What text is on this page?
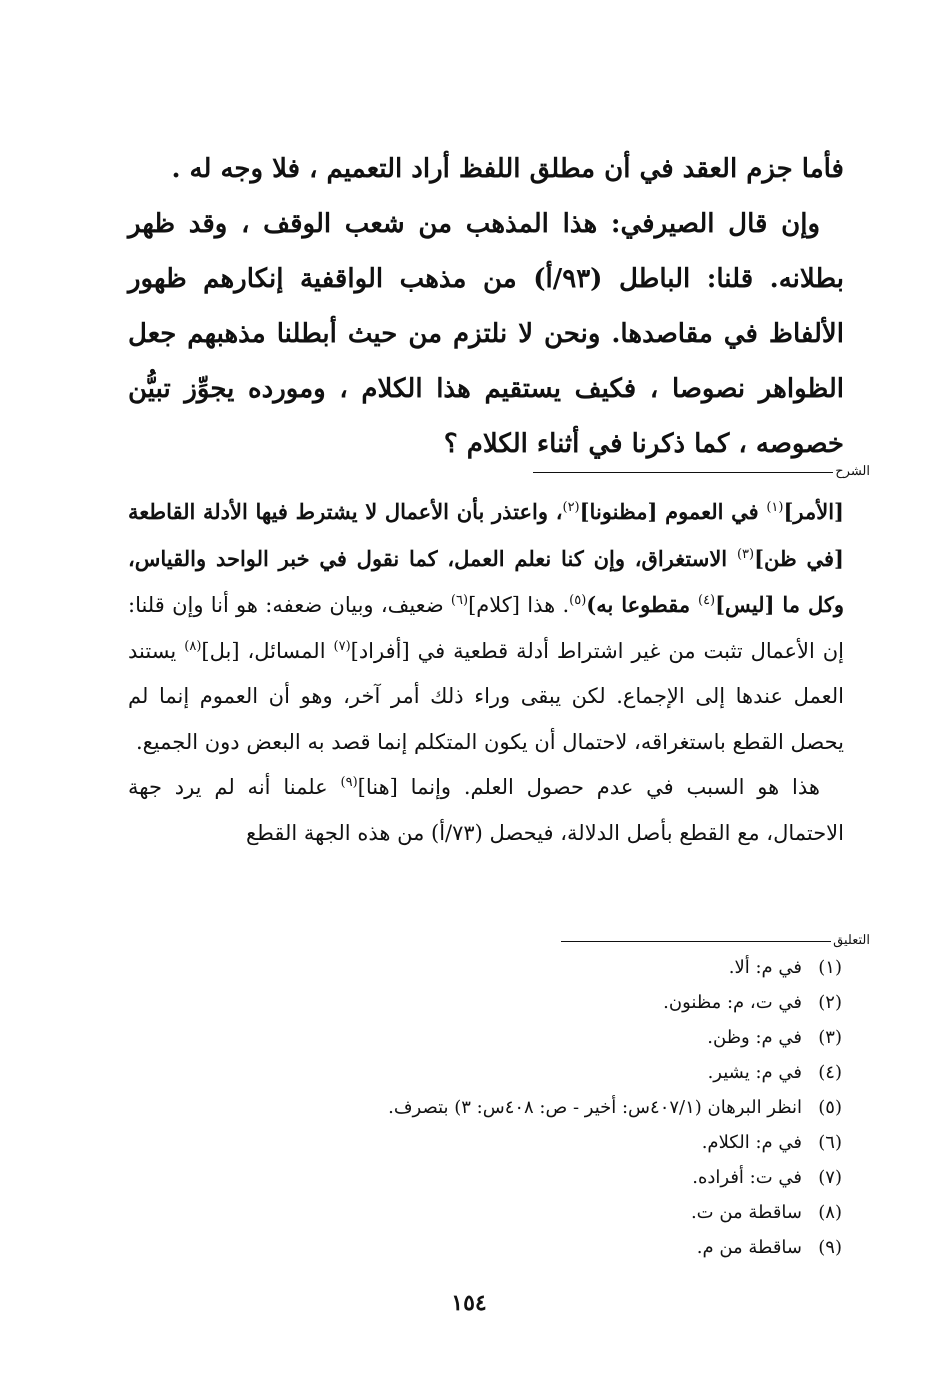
فأما جزم العقد في أن مطلق اللفظ أراد التعميم ، فلا وجه له .

وإن قال الصيرفي: هذا المذهب من شعب الوقف ، وقد ظهر بطلانه. قلنا: الباطل (٩٣/أ) من مذهب الواقفية إنكارهم ظهور الألفاظ في مقاصدها. ونحن لا نلتزم من حيث أبطلنا مذهبهم جعل الظواهر نصوصا ، فكيف يستقيم هذا الكلام ، ومورده يجوِّز تبيُّن خصوصه ، كما ذكرنا في أثناء الكلام ؟

الشرح

[الأمر]$^{(١)}$ في العموم [مظنونا]$^{(٢)}$، واعتذر بأن الأعمال لا يشترط فيها الأدلة القاطعة [في ظن]$^{(٣)}$ الاستغراق، وإن كنا نعلم العمل، كما نقول في خبر الواحد والقياس، وكل ما [ليس]$^{(٤)}$ مقطوعا به)$^{(٥)}$. هذا [كلام]$^{(٦)}$ ضعيف، وبيان ضعفه: هو أنا وإن قلنا: إن الأعمال تثبت من غير اشتراط أدلة قطعية في [أفراد]$^{(٧)}$ المسائل، [بل]$^{(٨)}$ يستند العمل عندها إلى الإجماع. لكن يبقى وراء ذلك أمر آخر، وهو أن العموم إنما لم يحصل القطع باستغراقه، لاحتمال أن يكون المتكلم إنما قصد به البعض دون الجميع.

هذا هو السبب في عدم حصول العلم. وإنما [هنا]$^{(٩)}$ علمنا أنه لم يرد جهة الاحتمال، مع القطع بأصل الدلالة، فيحصل (٧٣/أ) من هذه الجهة القطع

التعليق
(١)
في م: ألا.
(٢)
في ت، م: مظنون.
(٣)
في م: وظن.
(٤)
في م: يشير.
(٥)
انظر البرهان (٤٠٧/١س: أخير - ص: ٤٠٨س: ٣) بتصرف.
(٦)
في م: الكلام.
(٧)
في ت: أفراده.
(٨)
ساقطة من ت.
(٩)
ساقطة من م.
١٥٤
